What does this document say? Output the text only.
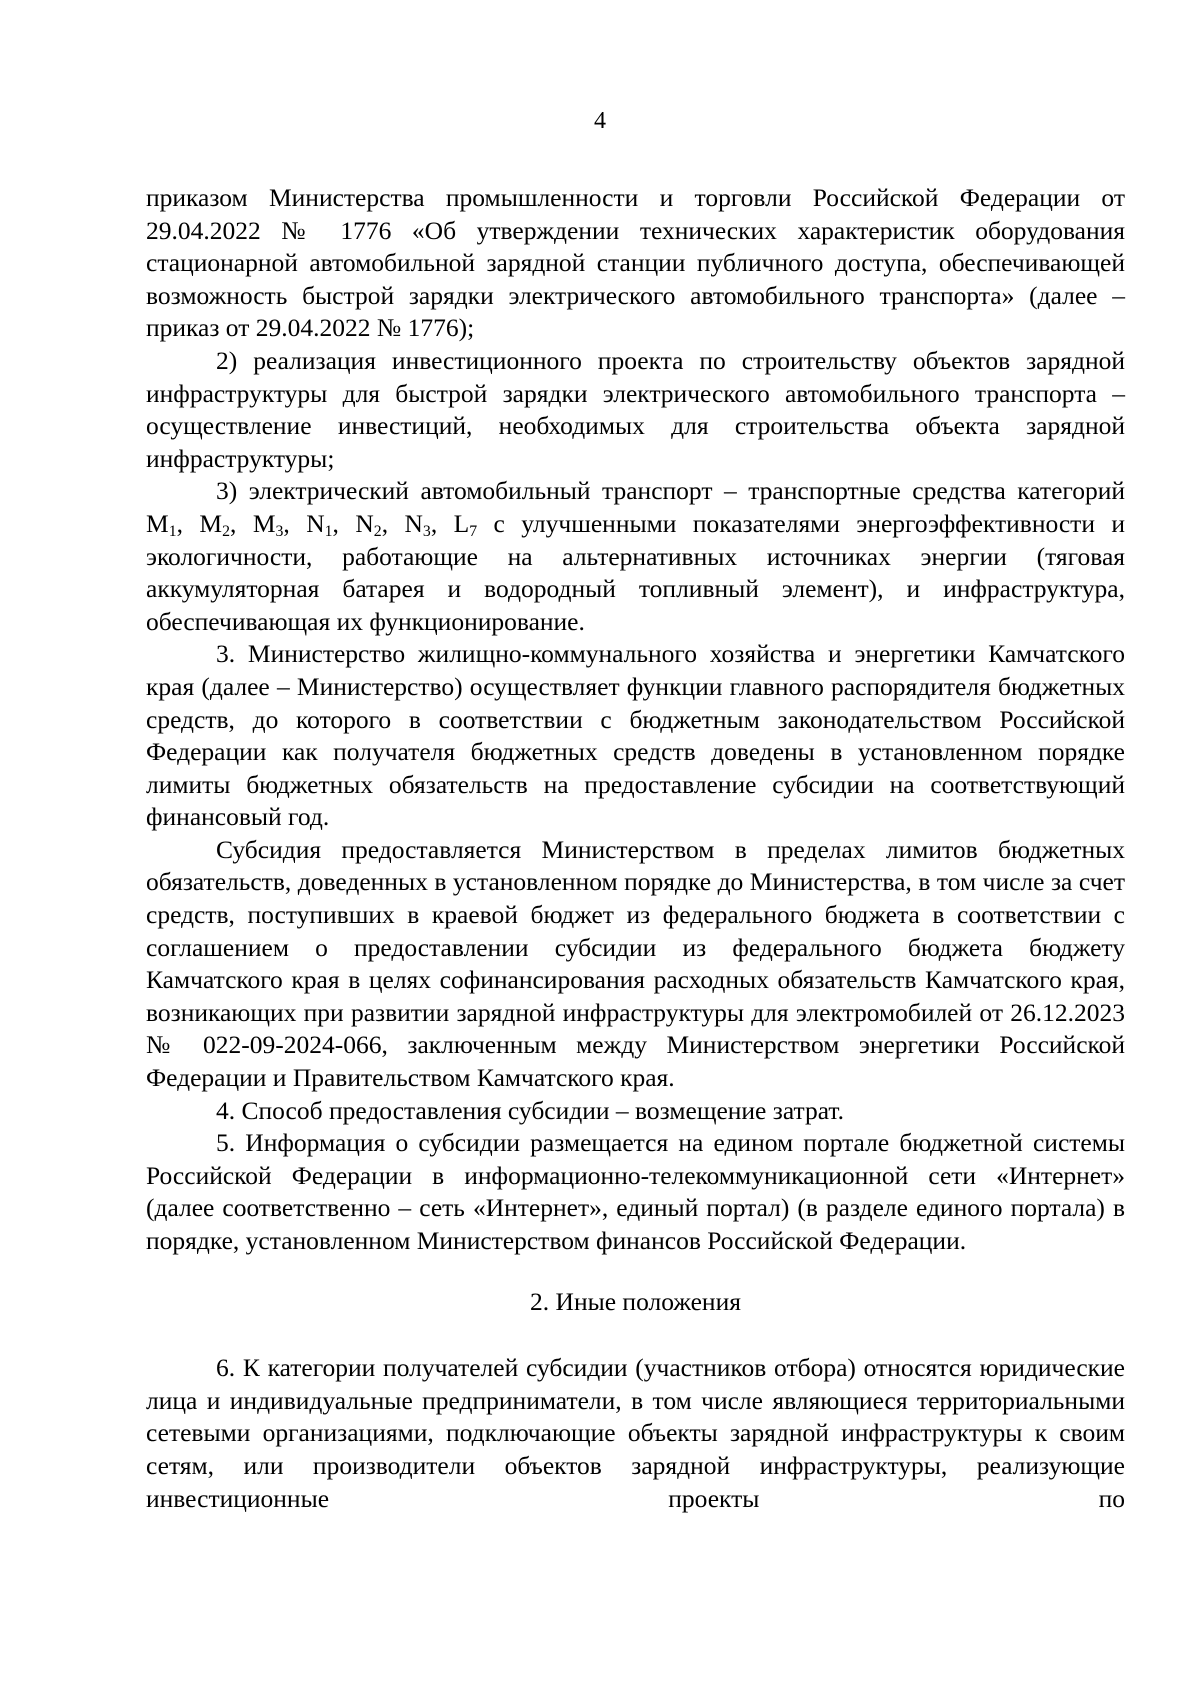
4

приказом Министерства промышленности и торговли Российской Федерации от 29.04.2022 № 1776 «Об утверждении технических характеристик оборудования стационарной автомобильной зарядной станции публичного доступа, обеспечивающей возможность быстрой зарядки электрического автомобильного транспорта» (далее – приказ от 29.04.2022 № 1776);

2) реализация инвестиционного проекта по строительству объектов зарядной инфраструктуры для быстрой зарядки электрического автомобильного транспорта – осуществление инвестиций, необходимых для строительства объекта зарядной инфраструктуры;

3) электрический автомобильный транспорт – транспортные средства категорий $M_1$, $M_2$, $M_3$, $N_1$, $N_2$, $N_3$, $L_7$ с улучшенными показателями энергоэффективности и экологичности, работающие на альтернативных источниках энергии (тяговая аккумуляторная батарея и водородный топливный элемент), и инфраструктура, обеспечивающая их функционирование.

3. Министерство жилищно-коммунального хозяйства и энергетики Камчатского края (далее – Министерство) осуществляет функции главного распорядителя бюджетных средств, до которого в соответствии с бюджетным законодательством Российской Федерации как получателя бюджетных средств доведены в установленном порядке лимиты бюджетных обязательств на предоставление субсидии на соответствующий финансовый год.

Субсидия предоставляется Министерством в пределах лимитов бюджетных обязательств, доведенных в установленном порядке до Министерства, в том числе за счет средств, поступивших в краевой бюджет из федерального бюджета в соответствии с соглашением о предоставлении субсидии из федерального бюджета бюджету Камчатского края в целях софинансирования расходных обязательств Камчатского края, возникающих при развитии зарядной инфраструктуры для электромобилей от 26.12.2023 № 022-09-2024-066, заключенным между Министерством энергетики Российской Федерации и Правительством Камчатского края.

4. Способ предоставления субсидии – возмещение затрат.

5. Информация о субсидии размещается на едином портале бюджетной системы Российской Федерации в информационно-телекоммуникационной сети «Интернет» (далее соответственно – сеть «Интернет», единый портал) (в разделе единого портала) в порядке, установленном Министерством финансов Российской Федерации.

2. Иные положения

6. К категории получателей субсидии (участников отбора) относятся юридические лица и индивидуальные предприниматели, в том числе являющиеся территориальными сетевыми организациями, подключающие объекты зарядной инфраструктуры к своим сетям, или производители объектов зарядной инфраструктуры, реализующие инвестиционные проекты по
